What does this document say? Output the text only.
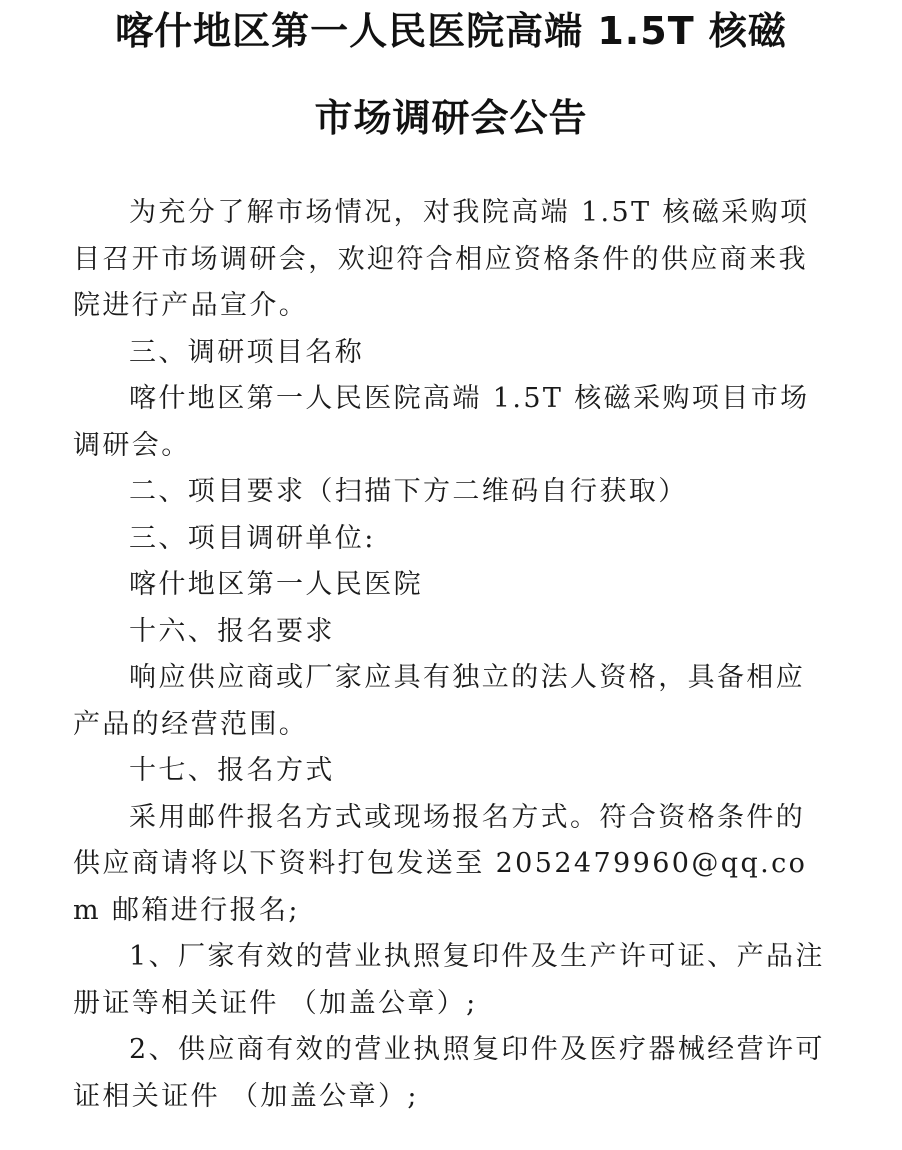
喀什地区第一人民医院高端 1.5T 核磁
市场调研会公告

为充分了解市场情况，对我院高端 1.5T 核磁采购项目召开市场调研会，欢迎符合相应资格条件的供应商来我院进行产品宣介。

三、调研项目名称

喀什地区第一人民医院高端 1.5T 核磁采购项目市场调研会。

二、项目要求（扫描下方二维码自行获取）

三、项目调研单位:

喀什地区第一人民医院

十六、报名要求

响应供应商或厂家应具有独立的法人资格，具备相应产品的经营范围。

十七、报名方式

采用邮件报名方式或现场报名方式。符合资格条件的供应商请将以下资料打包发送至 2052479960@qq.com 邮箱进行报名;

1、厂家有效的营业执照复印件及生产许可证、产品注册证等相关证件 （加盖公章）;

2、供应商有效的营业执照复印件及医疗器械经营许可证相关证件 （加盖公章）;
